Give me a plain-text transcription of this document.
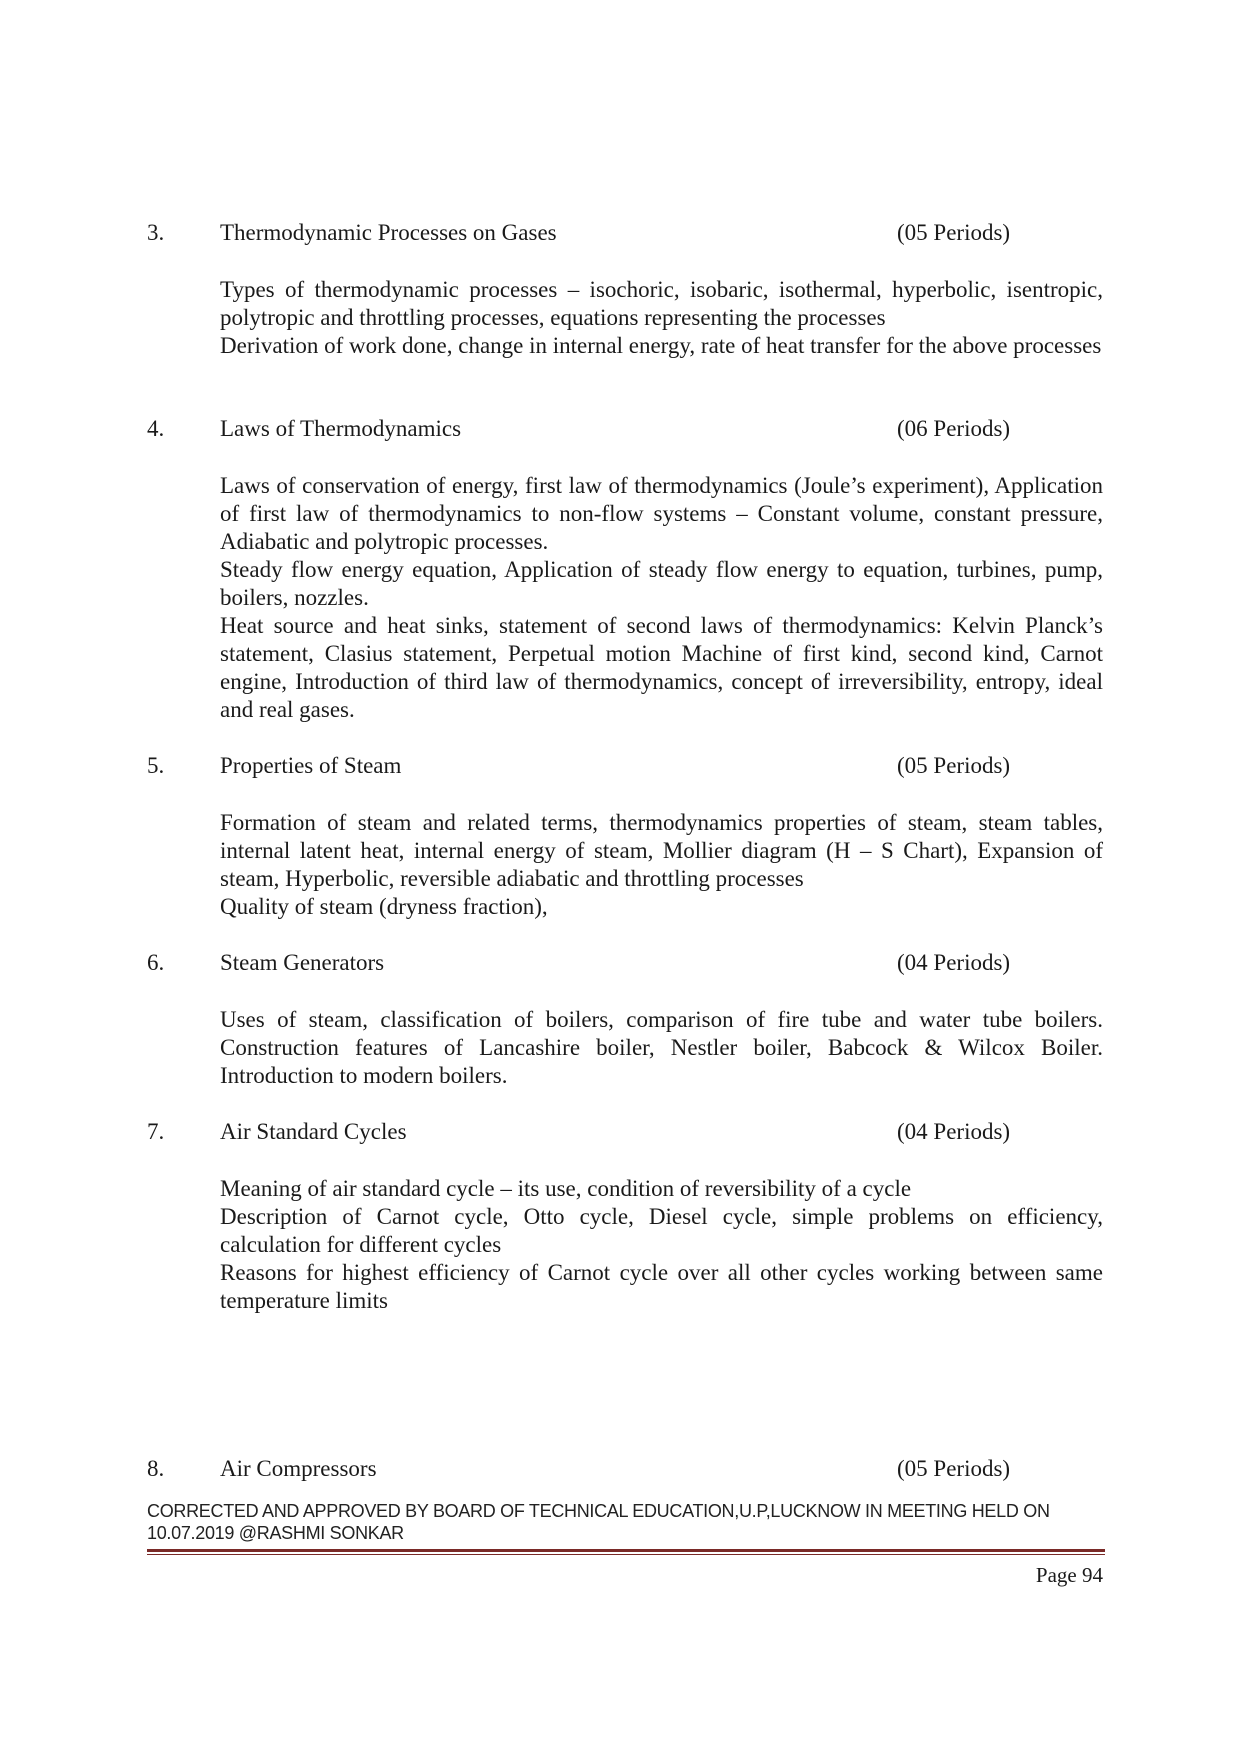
3. Thermodynamic Processes on Gases	(05 Periods)

Types of thermodynamic processes – isochoric, isobaric, isothermal, hyperbolic, isentropic, polytropic and throttling processes, equations representing the processes

Derivation of work done, change in internal energy, rate of heat transfer for the above processes

4. Laws of Thermodynamics	(06 Periods)

Laws of conservation of energy, first law of thermodynamics (Joule’s experiment), Application of first law of thermodynamics to non-flow systems – Constant volume, constant pressure, Adiabatic and polytropic processes.

Steady flow energy equation, Application of steady flow energy to equation, turbines, pump, boilers, nozzles.

Heat source and heat sinks, statement of second laws of thermodynamics: Kelvin Planck’s statement, Clasius statement, Perpetual motion Machine of first kind, second kind, Carnot engine, Introduction of third law of thermodynamics, concept of irreversibility, entropy, ideal and real gases.

5. Properties of Steam	(05 Periods)

Formation of steam and related terms, thermodynamics properties of steam, steam tables, internal latent heat, internal energy of steam, Mollier diagram (H – S Chart), Expansion of steam, Hyperbolic, reversible adiabatic and throttling processes

Quality of steam (dryness fraction),

6. Steam Generators	(04 Periods)

Uses of steam, classification of boilers, comparison of fire tube and water tube boilers. Construction features of Lancashire boiler, Nestler boiler, Babcock & Wilcox Boiler. Introduction to modern boilers.

7. Air Standard Cycles	(04 Periods)

Meaning of air standard cycle – its use, condition of reversibility of a cycle

Description of Carnot cycle, Otto cycle, Diesel cycle, simple problems on efficiency, calculation for different cycles

Reasons for highest efficiency of Carnot cycle over all other cycles working between same temperature limits

8. Air Compressors	(05 Periods)
CORRECTED AND APPROVED BY BOARD OF TECHNICAL EDUCATION,U.P,LUCKNOW IN MEETING HELD ON 10.07.2019 @RASHMI SONKAR
Page 94
